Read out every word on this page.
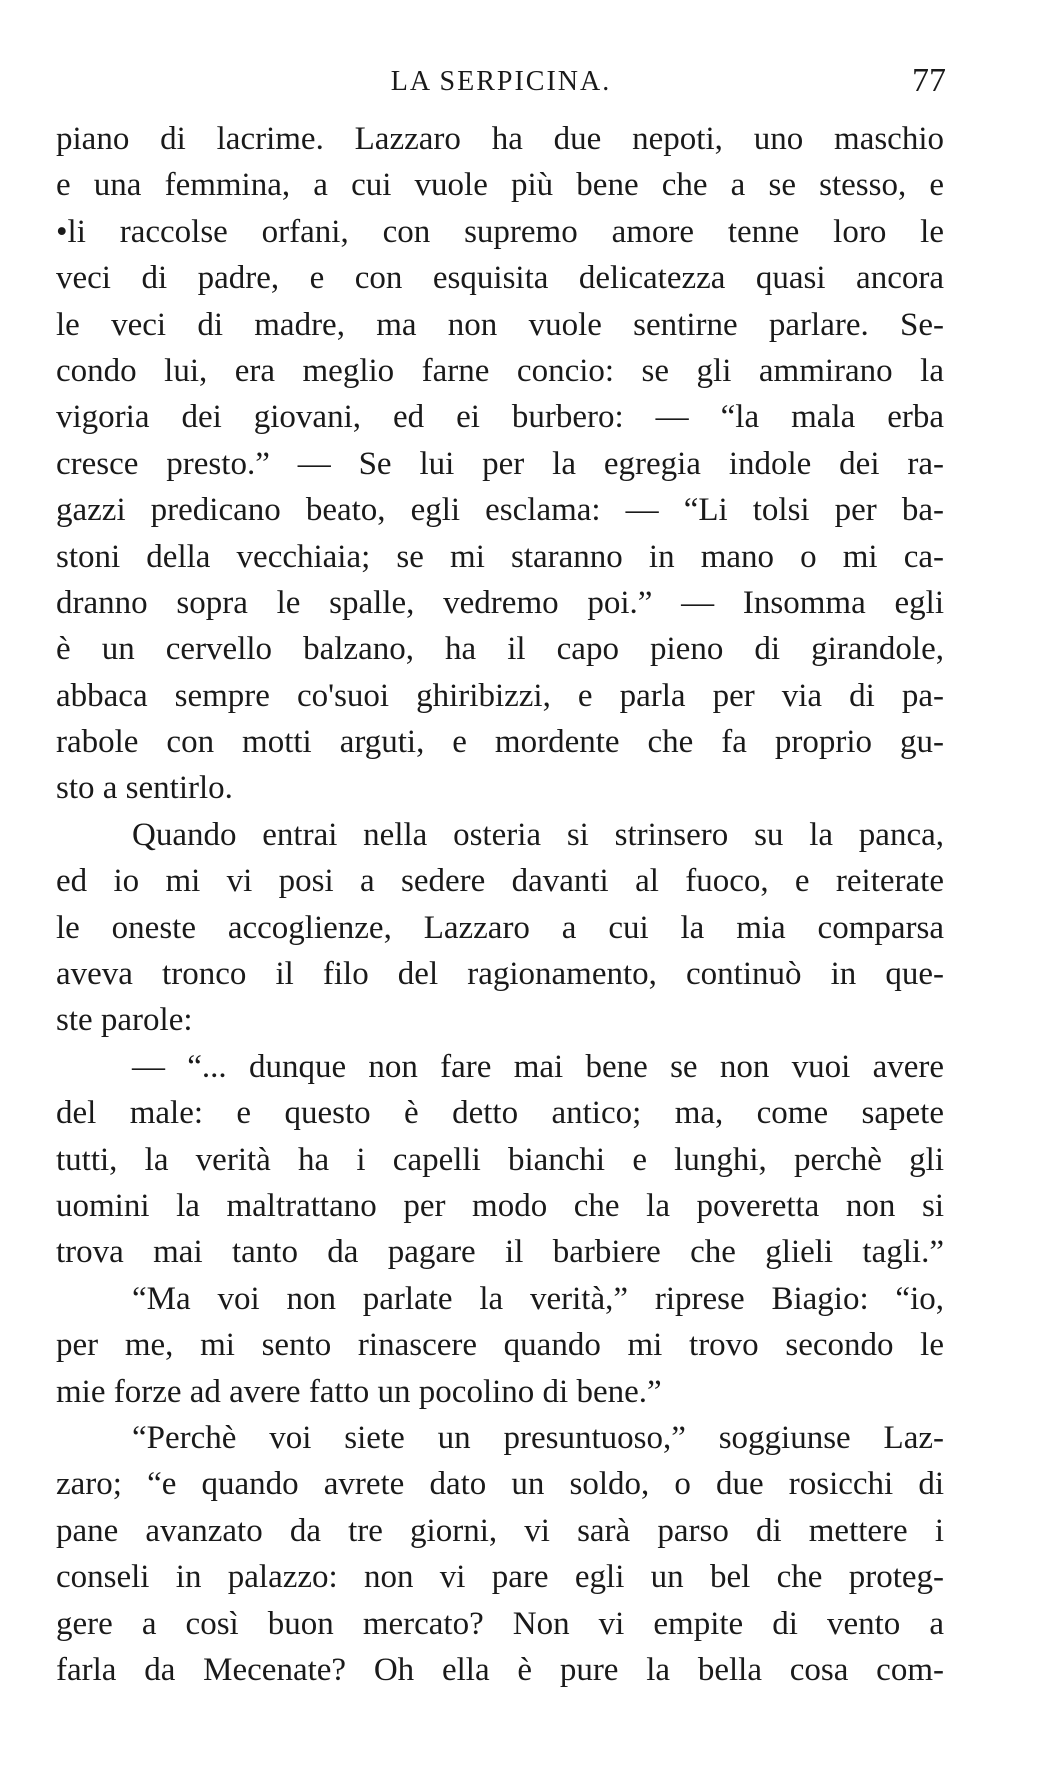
LA SERPICINA.	77
piano di lacrime. Lazzaro ha due nepoti, uno maschio
e una femmina, a cui vuole più bene che a se stesso, e
•li raccolse orfani, con supremo amore tenne loro le
veci di padre, e con esquisita delicatezza quasi ancora
le veci di madre, ma non vuole sentirne parlare. Se-
condo lui, era meglio farne concio: se gli ammirano la
vigoria dei giovani, ed ei burbero: — “la mala erba
cresce presto.” — Se lui per la egregia indole dei ra-
gazzi predicano beato, egli esclama: — “Li tolsi per ba-
stoni della vecchiaia; se mi staranno in mano o mi ca-
dranno sopra le spalle, vedremo poi.” — Insomma egli
è un cervello balzano, ha il capo pieno di girandole,
abbaca sempre co'suoi ghiribizzi, e parla per via di pa-
rabole con motti arguti, e mordente che fa proprio gu-
sto a sentirlo.
Quando entrai nella osteria si strinsero su la panca,
ed io mi vi posi a sedere davanti al fuoco, e reiterate
le oneste accoglienze, Lazzaro a cui la mia comparsa
aveva tronco il filo del ragionamento, continuò in que-
ste parole:
— “... dunque non fare mai bene se non vuoi avere
del male: e questo è detto antico; ma, come sapete
tutti, la verità ha i capelli bianchi e lunghi, perchè gli
uomini la maltrattano per modo che la poveretta non si
trova mai tanto da pagare il barbiere che glieli tagli.”
“Ma voi non parlate la verità,” riprese Biagio: “io,
per me, mi sento rinascere quando mi trovo secondo le
mie forze ad avere fatto un pocolino di bene.”
“Perchè voi siete un presuntuoso,” soggiunse Laz-
zaro; “e quando avrete dato un soldo, o due rosicchi di
pane avanzato da tre giorni, vi sarà parso di mettere i
conseli in palazzo: non vi pare egli un bel che proteg-
gere a così buon mercato? Non vi empite di vento a
farla da Mecenate? Oh ella è pure la bella cosa com-
